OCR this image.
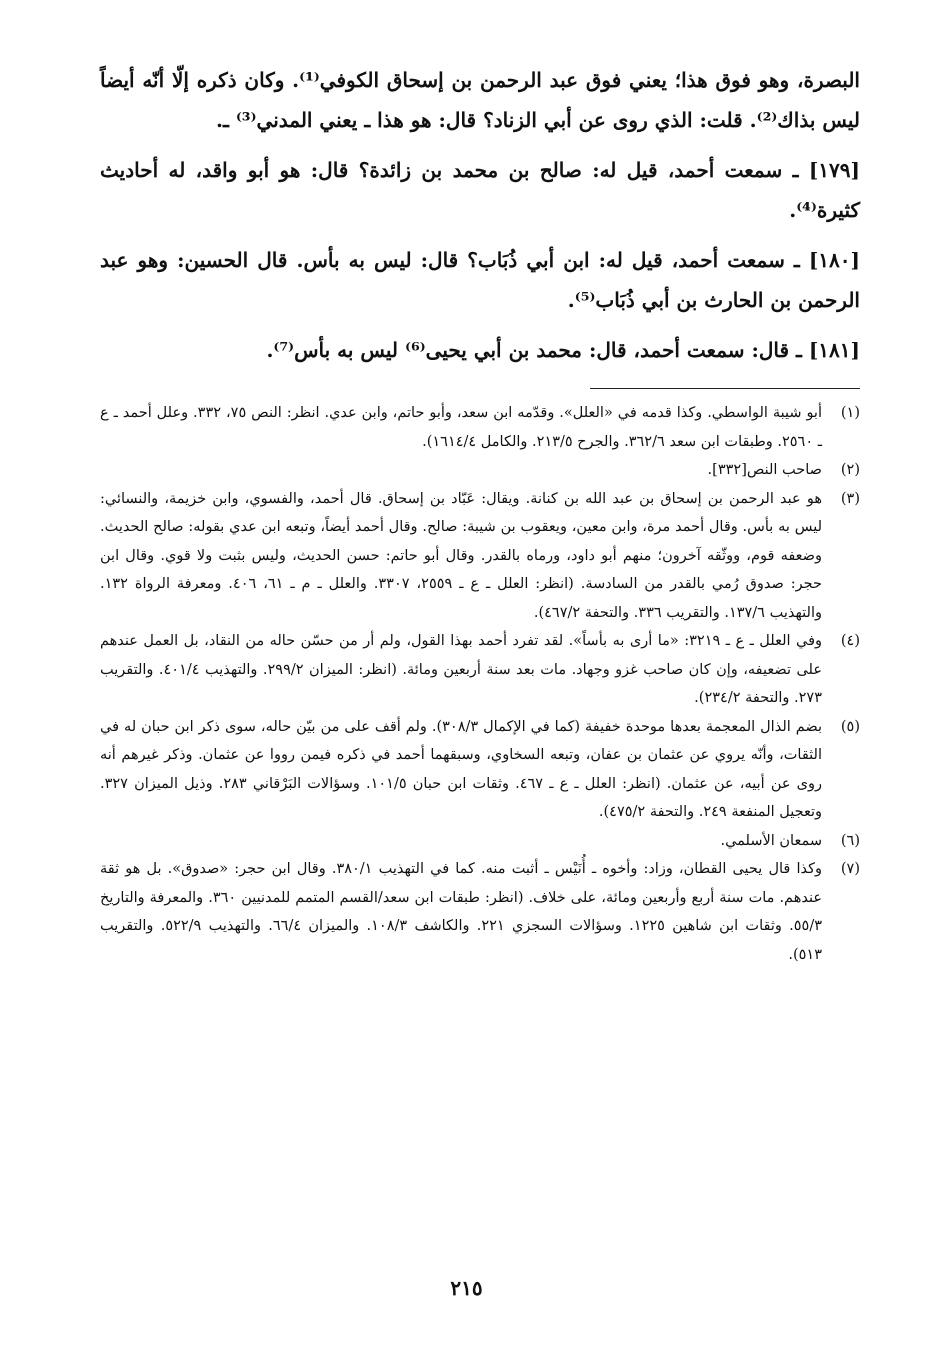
البصرة، وهو فوق هذا؛ يعني فوق عبد الرحمن بن إسحاق الكوفي⁽¹⁾. وكان ذكره إلّا أنّه أيضاً ليس بذاك⁽²⁾. قلت: الذي روى عن أبي الزناد؟ قال: هو هذا ـ يعني المدني⁽³⁾ ـ.

[١٧٩] ـ سمعت أحمد، قيل له: صالح بن محمد بن زائدة؟ قال: هو أبو واقد، له أحاديث كثيرة⁽⁴⁾.

[١٨٠] ـ سمعت أحمد، قيل له: ابن أبي ذُبَاب؟ قال: ليس به بأس. قال الحسين: وهو عبد الرحمن بن الحارث بن أبي ذُبَاب⁽⁵⁾.

[١٨١] ـ قال: سمعت أحمد، قال: محمد بن أبي يحيى⁽⁶⁾ ليس به بأس⁽⁷⁾.

(١)
أبو شيبة الواسطي. وكذا قدمه في «العلل». وقدّمه ابن سعد، وأبو حاتم، وابن عدي. انظر: النص ٧٥، ٣٣٢. وعلل أحمد ـ ع ـ ٢٥٦٠. وطبقات ابن سعد ٣٦٢/٦. والجرح ٢١٣/٥. والكامل ١٦١٤/٤).
(٢)
صاحب النص[٣٣٢].
(٣)
هو عبد الرحمن بن إسحاق بن عبد الله بن كنانة. ويقال: عَبّاد بن إسحاق. قال أحمد، والفسوي، وابن خزيمة، والنسائي: ليس به بأس. وقال أحمد مرة، وابن معين، ويعقوب بن شيبة: صالح. وقال أحمد أيضاً، وتبعه ابن عدي بقوله: صالح الحديث. وضعفه قوم، ووثّقه آخرون؛ منهم أبو داود، ورماه بالقدر. وقال أبو حاتم: حسن الحديث، وليس بثبت ولا قوي. وقال ابن حجر: صدوق رُمي بالقدر من السادسة. (انظر: العلل ـ ع ـ ٢٥٥٩، ٣٣٠٧. والعلل ـ م ـ ٦١، ٤٠٦. ومعرفة الرواة ١٣٢. والتهذيب ١٣٧/٦. والتقريب ٣٣٦. والتحفة ٤٦٧/٢).
(٤)
وفي العلل ـ ع ـ ٣٢١٩: «ما أرى به بأساً». لقد تفرد أحمد بهذا القول، ولم أر من حسّن حاله من النقاد، بل العمل عندهم على تضعيفه، وإن كان صاحب غزو وجهاد. مات بعد سنة أربعين ومائة. (انظر: الميزان ٢٩٩/٢. والتهذيب ٤٠١/٤. والتقريب ٢٧٣. والتحفة ٢٣٤/٢).
(٥)
بضم الذال المعجمة بعدها موحدة خفيفة (كما في الإكمال ٣٠٨/٣). ولم أقف على من بيّن حاله، سوى ذكر ابن حبان له في الثقات، وأنّه يروي عن عثمان بن عفان، وتبعه السخاوي، وسبقهما أحمد في ذكره فيمن رووا عن عثمان. وذكر غيرهم أنه روى عن أبيه، عن عثمان. (انظر: العلل ـ ع ـ ٤٦٧. وثقات ابن حبان ١٠١/٥. وسؤالات البَرْقاني ٢٨٣. وذيل الميزان ٣٢٧. وتعجيل المنفعة ٢٤٩. والتحفة ٤٧٥/٢).
(٦)
سمعان الأسلمي.
(٧)
وكذا قال يحيى القطان، وزاد: وأخوه ـ أُنَيْس ـ أثبت منه. كما في التهذيب ٣٨٠/١. وقال ابن حجر: «صدوق». بل هو ثقة عندهم. مات سنة أربع وأربعين ومائة، على خلاف. (انظر: طبقات ابن سعد/القسم المتمم للمدنيين ٣٦٠. والمعرفة والتاريخ ٥٥/٣. وثقات ابن شاهين ١٢٢٥. وسؤالات السجزي ٢٢١. والكاشف ١٠٨/٣. والميزان ٦٦/٤. والتهذيب ٥٢٢/٩. والتقريب ٥١٣).
٢١٥
